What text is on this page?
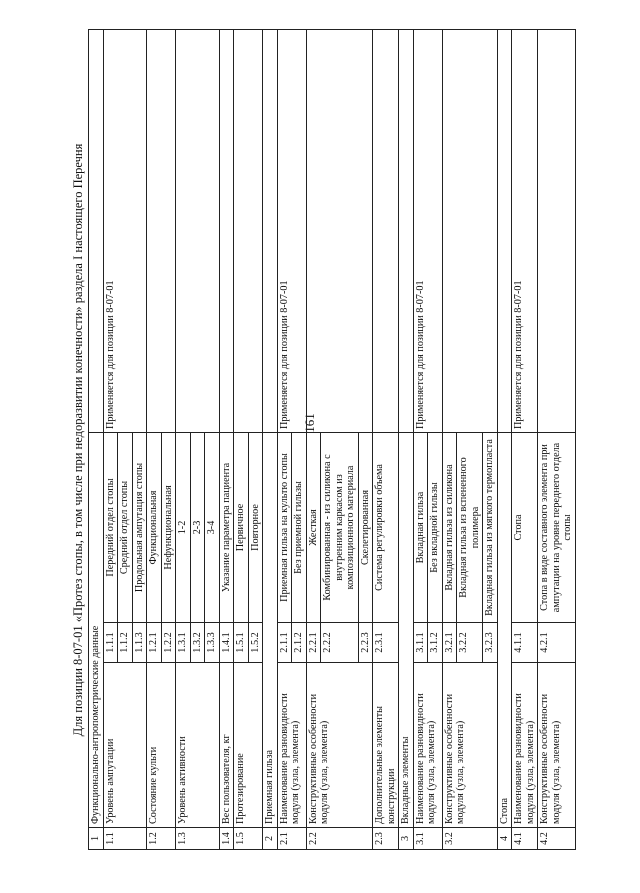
161
Для позиции 8-07-01 «Протез стопы, в том числе при недоразвитии конечности» раздела I настоящего Перечня
1	Функционально-антропометрические данные			
1.1	Уровень ампутации	1.1.1	Передний отдел стопы	Применяется для позиции 8-07-01
		1.1.2	Средний отдел стопы	
		1.1.3	Продольная ампутация стопы	
1.2	Состояние культи	1.2.1	Функциональная	
		1.2.2	Нефункциональная	
1.3	Уровень активности	1.3.1	1-2	
		1.3.2	2-3	
		1.3.3	3-4	
1.4	Вес пользователя, кг	1.4.1	Указание параметра пациента	
1.5	Протезирование	1.5.1	Первичное	
		1.5.2	Повторное	
2	Приемная гильза			
2.1	Наименование разновидности модуля (узла, элемента)	2.1.1	Приемная гильза на культю стопы	Применяется для позиции 8-07-01
		2.1.2	Без приемной гильзы	
2.2	Конструктивные особенности модуля (узла, элемента)	2.2.1	Жесткая	
		2.2.2	Комбинированная - из силикона с внутренним каркасом из композиционного материала	
		2.2.3	Скелетированная	
2.3	Дополнительные элементы конструкции	2.3.1	Система регулировки объема	
3	Вкладные элементы			
3.1	Наименование разновидности модуля (узла, элемента)	3.1.1	Вкладная гильза	Применяется для позиции 8-07-01
		3.1.2	Без вкладной гильзы	
3.2	Конструктивные особенности модуля (узла, элемента)	3.2.1	Вкладная гильза из силикона	
		3.2.2	Вкладная гильза из вспененного полимера	
		3.2.3	Вкладная гильза из мягкого термопласта	
4	Стопа			
4.1	Наименование разновидности модуля (узла, элемента)	4.1.1	Стопа	Применяется для позиции 8-07-01
4.2	Конструктивные особенности модуля (узла, элемента)	4.2.1	Стопа в виде составного элемента при ампутации на уровне переднего отдела стопы	
